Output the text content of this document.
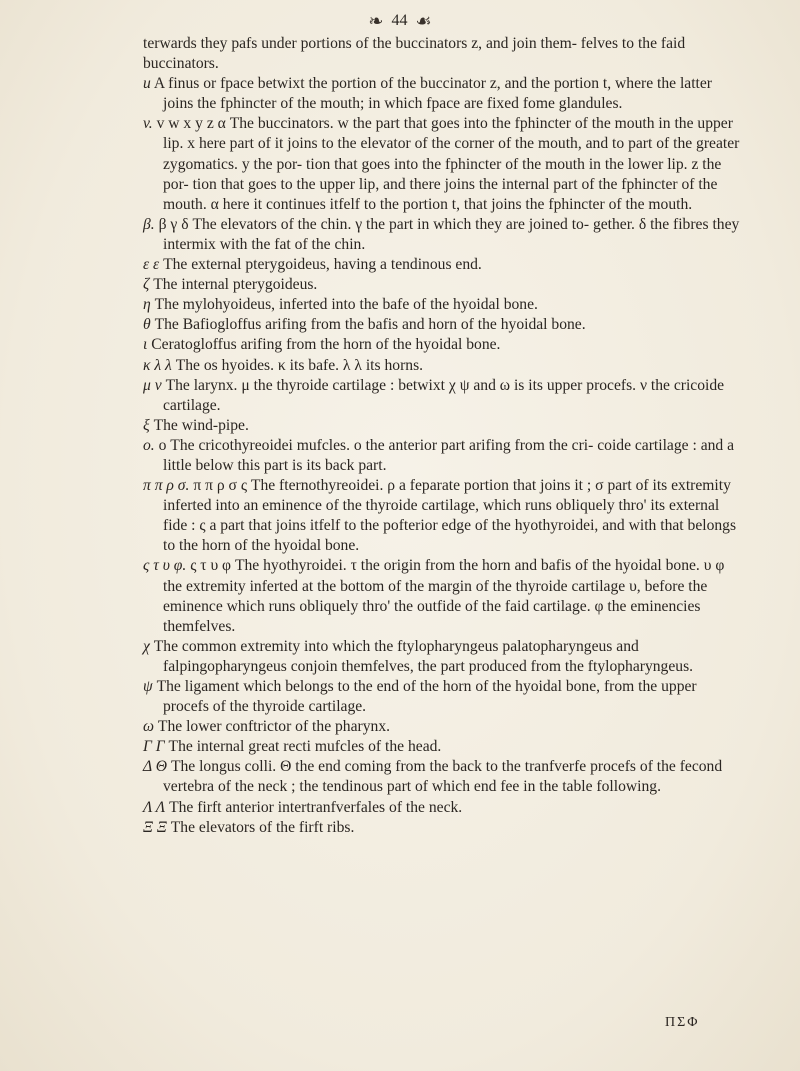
❧ 44 ☙

terwards they pafs under portions of the buccinators z, and join them- felves to the faid buccinators.

u A finus or fpace betwixt the portion of the buccinator z, and the portion t, where the latter joins the fphincter of the mouth; in which fpace are fixed fome glandules.

v. v w x y z α The buccinators. w the part that goes into the fphincter of the mouth in the upper lip. x here part of it joins to the elevator of the corner of the mouth, and to part of the greater zygomatics. y the por- tion that goes into the fphincter of the mouth in the lower lip. z the por- tion that goes to the upper lip, and there joins the internal part of the fphincter of the mouth. α here it continues itfelf to the portion t, that joins the fphincter of the mouth.

β. β γ δ The elevators of the chin. γ the part in which they are joined to- gether. δ the fibres they intermix with the fat of the chin.

ε ε The external pterygoideus, having a tendinous end.

ζ The internal pterygoideus.

η The mylohyoideus, inferted into the bafe of the hyoidal bone.

θ The Bafiogloffus arifing from the bafis and horn of the hyoidal bone.

ι Ceratogloffus arifing from the horn of the hyoidal bone.

κ λ λ The os hyoides. κ its bafe. λ λ its horns.

μ ν The larynx. μ the thyroide cartilage : betwixt χ ψ and ω is its upper procefs. ν the cricoide cartilage.

ξ The wind-pipe.

ο. ο The cricothyreoidei mufcles. ο the anterior part arifing from the cri- coide cartilage : and a little below this part is its back part.

π π ρ σ. π π ρ σ ς The fternothyreoidei. ρ a feparate portion that joins it ; σ part of its extremity inferted into an eminence of the thyroide cartilage, which runs obliquely thro' its external fide : ς a part that joins itfelf to the pofterior edge of the hyothyroidei, and with that belongs to the horn of the hyoidal bone.

ς τ υ φ. ς τ υ φ The hyothyroidei. τ the origin from the horn and bafis of the hyoidal bone. υ φ the extremity inferted at the bottom of the margin of the thyroide cartilage υ, before the eminence which runs obliquely thro' the outfide of the faid cartilage. φ the eminencies themfelves.

χ The common extremity into which the ftylopharyngeus palatopharyngeus and falpingopharyngeus conjoin themfelves, the part produced from the ftylopharyngeus.

ψ The ligament which belongs to the end of the horn of the hyoidal bone, from the upper procefs of the thyroide cartilage.

ω The lower conftrictor of the pharynx.

Γ Γ The internal great recti mufcles of the head.

Δ Θ The longus colli. Θ the end coming from the back to the tranfverfe procefs of the fecond vertebra of the neck ; the tendinous part of which end fee in the table following.

Λ Λ The firft anterior intertranfverfales of the neck.

Ξ Ξ The elevators of the firft ribs.

ΠΣΦ
